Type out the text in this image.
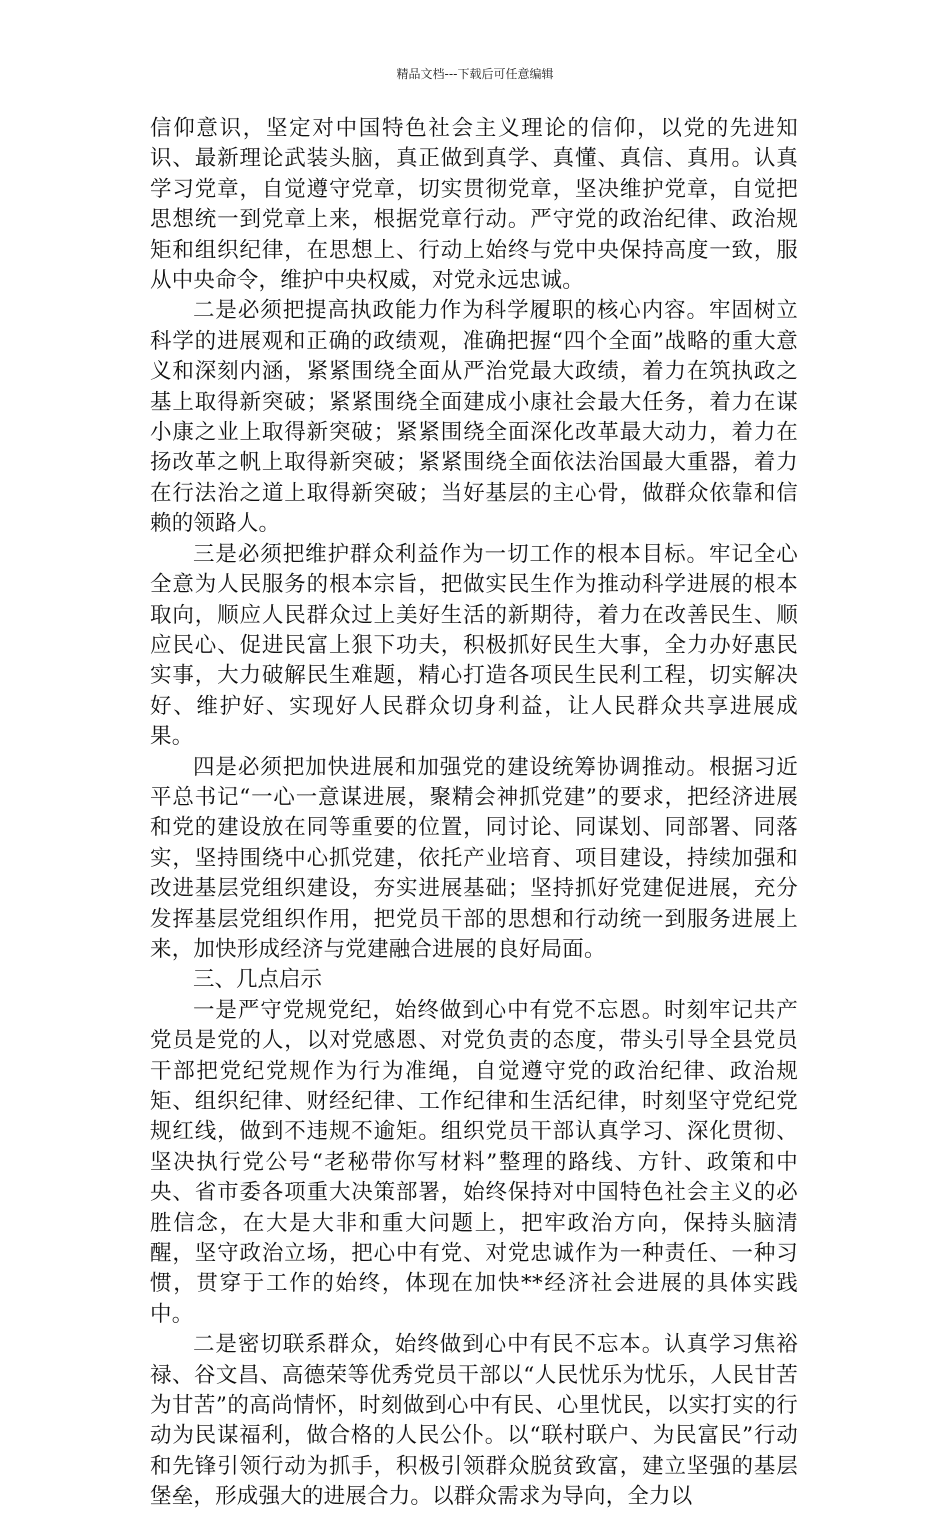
精品文档---下载后可任意编辑

信仰意识，坚定对中国特色社会主义理论的信仰，以党的先进知识、最新理论武装头脑，真正做到真学、真懂、真信、真用。认真学习党章，自觉遵守党章，切实贯彻党章，坚决维护党章，自觉把思想统一到党章上来，根据党章行动。严守党的政治纪律、政治规矩和组织纪律，在思想上、行动上始终与党中央保持高度一致，服从中央命令，维护中央权威，对党永远忠诚。

二是必须把提高执政能力作为科学履职的核心内容。牢固树立科学的进展观和正确的政绩观，准确把握“四个全面”战略的重大意义和深刻内涵，紧紧围绕全面从严治党最大政绩，着力在筑执政之基上取得新突破；紧紧围绕全面建成小康社会最大任务，着力在谋小康之业上取得新突破；紧紧围绕全面深化改革最大动力，着力在扬改革之帆上取得新突破；紧紧围绕全面依法治国最大重器，着力在行法治之道上取得新突破；当好基层的主心骨，做群众依靠和信赖的领路人。

三是必须把维护群众利益作为一切工作的根本目标。牢记全心全意为人民服务的根本宗旨，把做实民生作为推动科学进展的根本取向，顺应人民群众过上美好生活的新期待，着力在改善民生、顺应民心、促进民富上狠下功夫，积极抓好民生大事，全力办好惠民实事，大力破解民生难题，精心打造各项民生民利工程，切实解决好、维护好、实现好人民群众切身利益，让人民群众共享进展成果。

四是必须把加快进展和加强党的建设统筹协调推动。根据习近平总书记“一心一意谋进展，聚精会神抓党建”的要求，把经济进展和党的建设放在同等重要的位置，同讨论、同谋划、同部署、同落实，坚持围绕中心抓党建，依托产业培育、项目建设，持续加强和改进基层党组织建设，夯实进展基础；坚持抓好党建促进展，充分发挥基层党组织作用，把党员干部的思想和行动统一到服务进展上来，加快形成经济与党建融合进展的良好局面。

三、几点启示

一是严守党规党纪，始终做到心中有党不忘恩。时刻牢记共产党员是党的人，以对党感恩、对党负责的态度，带头引导全县党员干部把党纪党规作为行为准绳，自觉遵守党的政治纪律、政治规矩、组织纪律、财经纪律、工作纪律和生活纪律，时刻坚守党纪党规红线，做到不违规不逾矩。组织党员干部认真学习、深化贯彻、坚决执行党公号“老秘带你写材料”整理的路线、方针、政策和中央、省市委各项重大决策部署，始终保持对中国特色社会主义的必胜信念，在大是大非和重大问题上，把牢政治方向，保持头脑清醒，坚守政治立场，把心中有党、对党忠诚作为一种责任、一种习惯，贯穿于工作的始终，体现在加快**经济社会进展的具体实践中。

二是密切联系群众，始终做到心中有民不忘本。认真学习焦裕禄、谷文昌、高德荣等优秀党员干部以“人民忧乐为忧乐，人民甘苦为甘苦”的高尚情怀，时刻做到心中有民、心里忧民，以实打实的行动为民谋福利，做合格的人民公仆。以“联村联户、为民富民”行动和先锋引领行动为抓手，积极引领群众脱贫致富，建立坚强的基层堡垒，形成强大的进展合力。以群众需求为导向，全力以
